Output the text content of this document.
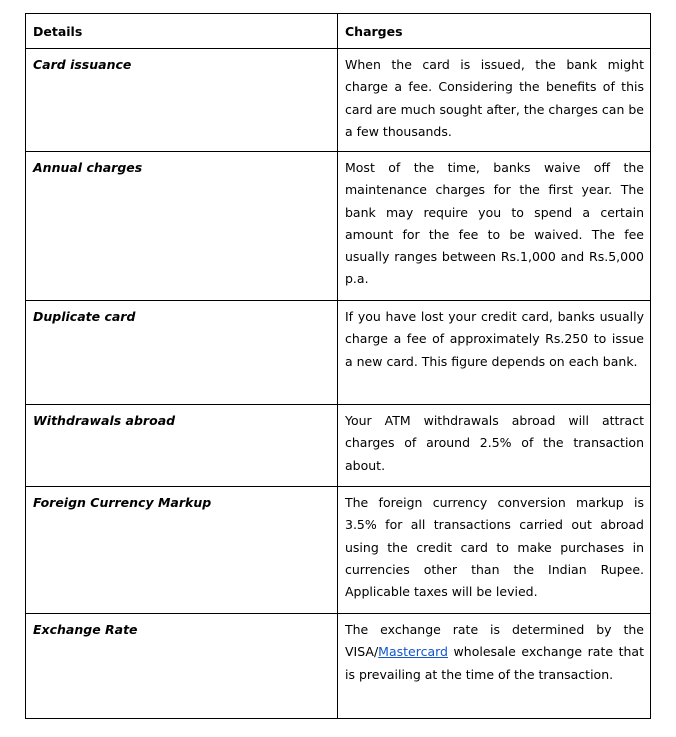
Details	Charges
Card issuance	When the card is issued, the bank might charge a fee. Considering the benefits of this card are much sought after, the charges can be a few thousands.
Annual charges	Most of the time, banks waive off the maintenance charges for the first year. The bank may require you to spend a certain amount for the fee to be waived. The fee usually ranges between Rs.1,000 and Rs.5,000 p.a.
Duplicate card	If you have lost your credit card, banks usually charge a fee of approximately Rs.250 to issue a new card. This figure depends on each bank.
Withdrawals abroad	Your ATM withdrawals abroad will attract charges of around 2.5% of the transaction about.
Foreign Currency Markup	The foreign currency conversion markup is 3.5% for all transactions carried out abroad using the credit card to make purchases in currencies other than the Indian Rupee. Applicable taxes will be levied.
Exchange Rate	The exchange rate is determined by the VISA/Mastercard wholesale exchange rate that is prevailing at the time of the transaction.
